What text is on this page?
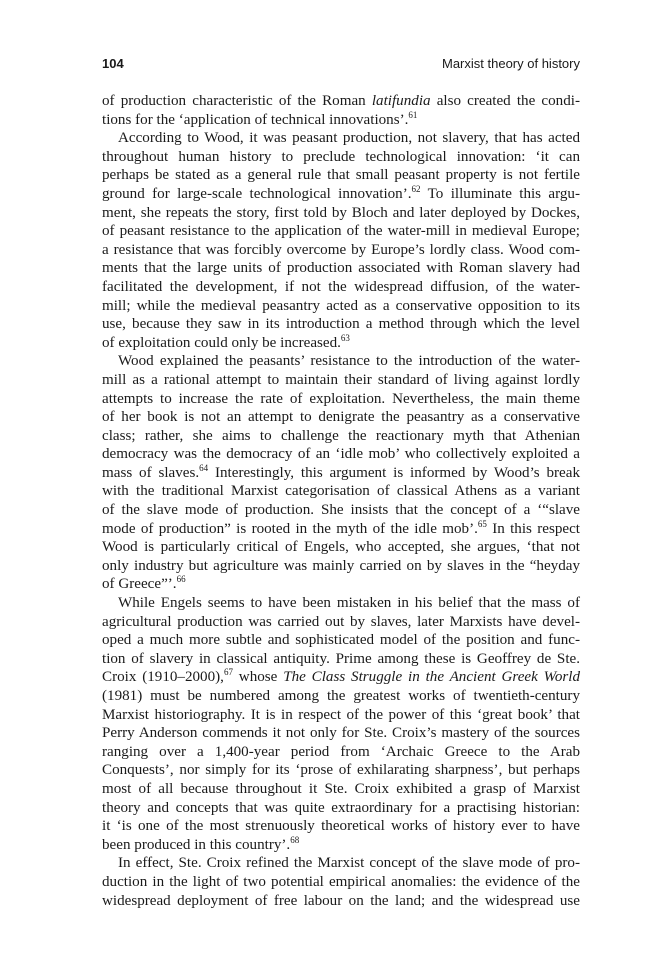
104	Marxist theory of history
of production characteristic of the Roman latifundia also created the condi-
tions for the ‘application of technical innovations’.$^{61}$
According to Wood, it was peasant production, not slavery, that has acted
throughout human history to preclude technological innovation: ‘it can
perhaps be stated as a general rule that small peasant property is not fertile
ground for large-scale technological innovation’.$^{62}$ To illuminate this argu-
ment, she repeats the story, first told by Bloch and later deployed by Dockes,
of peasant resistance to the application of the water-mill in medieval Europe;
a resistance that was forcibly overcome by Europe’s lordly class. Wood com-
ments that the large units of production associated with Roman slavery had
facilitated the development, if not the widespread diffusion, of the water-
mill; while the medieval peasantry acted as a conservative opposition to its
use, because they saw in its introduction a method through which the level
of exploitation could only be increased.$^{63}$
Wood explained the peasants’ resistance to the introduction of the water-
mill as a rational attempt to maintain their standard of living against lordly
attempts to increase the rate of exploitation. Nevertheless, the main theme
of her book is not an attempt to denigrate the peasantry as a conservative
class; rather, she aims to challenge the reactionary myth that Athenian
democracy was the democracy of an ‘idle mob’ who collectively exploited a
mass of slaves.$^{64}$ Interestingly, this argument is informed by Wood’s break
with the traditional Marxist categorisation of classical Athens as a variant
of the slave mode of production. She insists that the concept of a ‘“slave
mode of production” is rooted in the myth of the idle mob’.$^{65}$ In this respect
Wood is particularly critical of Engels, who accepted, she argues, ‘that not
only industry but agriculture was mainly carried on by slaves in the “heyday
of Greece”’.$^{66}$
While Engels seems to have been mistaken in his belief that the mass of
agricultural production was carried out by slaves, later Marxists have devel-
oped a much more subtle and sophisticated model of the position and func-
tion of slavery in classical antiquity. Prime among these is Geoffrey de Ste.
Croix (1910–2000),$^{67}$ whose The Class Struggle in the Ancient Greek World
(1981) must be numbered among the greatest works of twentieth-century
Marxist historiography. It is in respect of the power of this ‘great book’ that
Perry Anderson commends it not only for Ste. Croix’s mastery of the sources
ranging over a 1,400-year period from ‘Archaic Greece to the Arab
Conquests’, nor simply for its ‘prose of exhilarating sharpness’, but perhaps
most of all because throughout it Ste. Croix exhibited a grasp of Marxist
theory and concepts that was quite extraordinary for a practising historian:
it ‘is one of the most strenuously theoretical works of history ever to have
been produced in this country’.$^{68}$
In effect, Ste. Croix refined the Marxist concept of the slave mode of pro-
duction in the light of two potential empirical anomalies: the evidence of the
widespread deployment of free labour on the land; and the widespread use
